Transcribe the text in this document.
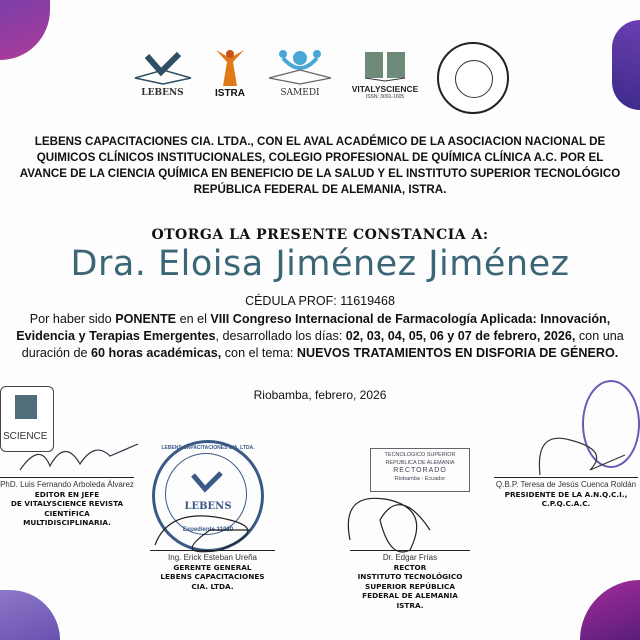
LEBENS	ISTRA	SAMEDI	VITALYSCIENCE
ISSN: 3091-1605
LEBENS CAPACITACIONES CIA. LTDA., CON EL AVAL ACADÉMICO DE LA ASOCIACION NACIONAL DE
QUIMICOS CLÍNICOS INSTITUCIONALES, COLEGIO PROFESIONAL DE QUÍMICA CLÍNICA A.C. POR EL
AVANCE DE LA CIENCIA QUÍMICA EN BENEFICIO DE LA SALUD Y EL INSTITUTO SUPERIOR TECNOLÓGICO
REPÚBLICA FEDERAL DE ALEMANIA, ISTRA.
OTORGA LA PRESENTE CONSTANCIA A:
Dra. Eloisa Jiménez Jiménez
CÉDULA PROF: 11619468
Por haber sido PONENTE en el VIII Congreso Internacional de Farmacología Aplicada: Innovación, Evidencia y Terapias Emergentes, desarrollado los días: 02, 03, 04, 05, 06 y 07 de febrero, 2026, con una duración de 60 horas académicas, con el tema: NUEVOS TRATAMIENTOS EN DISFORIA DE GÉNERO.
Riobamba, febrero, 2026
SCIENCE
LEBENS CAPACITACIONES CIA. LTDA.
LEBENS
Expediente 31920
TECNOLOGICO SUPERIOR
REPUBLICA DE ALEMANIA
RECTORADO
Riobamba - Ecuador
PhD. Luis Fernando Arboleda Álvarez
EDITOR EN JEFE
DE VITALYSCIENCE REVISTA
CIENTÍFICA
MULTIDISCIPLINARIA.
Ing. Erick Esteban Ureña
GERENTE GENERAL
LEBENS CAPACITACIONES
CIA. LTDA.
Dr. Edgar Frías
RECTOR
INSTITUTO TECNOLÓGICO
SUPERIOR REPÚBLICA
FEDERAL DE ALEMANIA
ISTRA.
Q.B.P. Teresa de Jesús Cuenca Roldán
PRESIDENTE DE LA A.N.Q.C.I.,
C.P.Q.C.A.C.
